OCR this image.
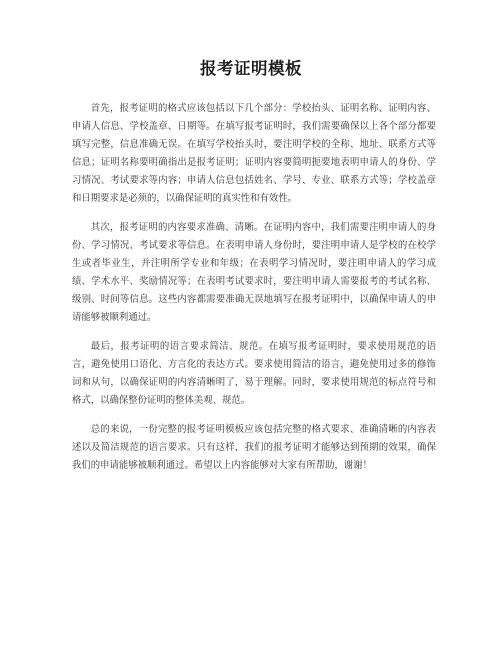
报考证明模板

首先，报考证明的格式应该包括以下几个部分：学校抬头、证明名称、证明内容、申请人信息、学校盖章、日期等。在填写报考证明时，我们需要确保以上各个部分都要填写完整，信息准确无误。在填写学校抬头时，要注明学校的全称、地址、联系方式等信息；证明名称要明确指出是报考证明；证明内容要简明扼要地表明申请人的身份、学习情况、考试要求等内容；申请人信息包括姓名、学号、专业、联系方式等；学校盖章和日期要求是必须的，以确保证明的真实性和有效性。

其次，报考证明的内容要求准确、清晰。在证明内容中，我们需要注明申请人的身份、学习情况、考试要求等信息。在表明申请人身份时，要注明申请人是学校的在校学生或者毕业生，并注明所学专业和年级；在表明学习情况时，要注明申请人的学习成绩、学术水平、奖励情况等；在表明考试要求时，要注明申请人需要报考的考试名称、级别、时间等信息。这些内容都需要准确无误地填写在报考证明中，以确保申请人的申请能够被顺利通过。

最后，报考证明的语言要求简洁、规范。在填写报考证明时，要求使用规范的语言，避免使用口语化、方言化的表达方式。要求使用简洁的语言，避免使用过多的修饰词和从句，以确保证明的内容清晰明了，易于理解。同时，要求使用规范的标点符号和格式，以确保整份证明的整体美观、规范。

总的来说，一份完整的报考证明模板应该包括完整的格式要求、准确清晰的内容表述以及简洁规范的语言要求。只有这样，我们的报考证明才能够达到预期的效果，确保我们的申请能够被顺利通过。希望以上内容能够对大家有所帮助，谢谢！
